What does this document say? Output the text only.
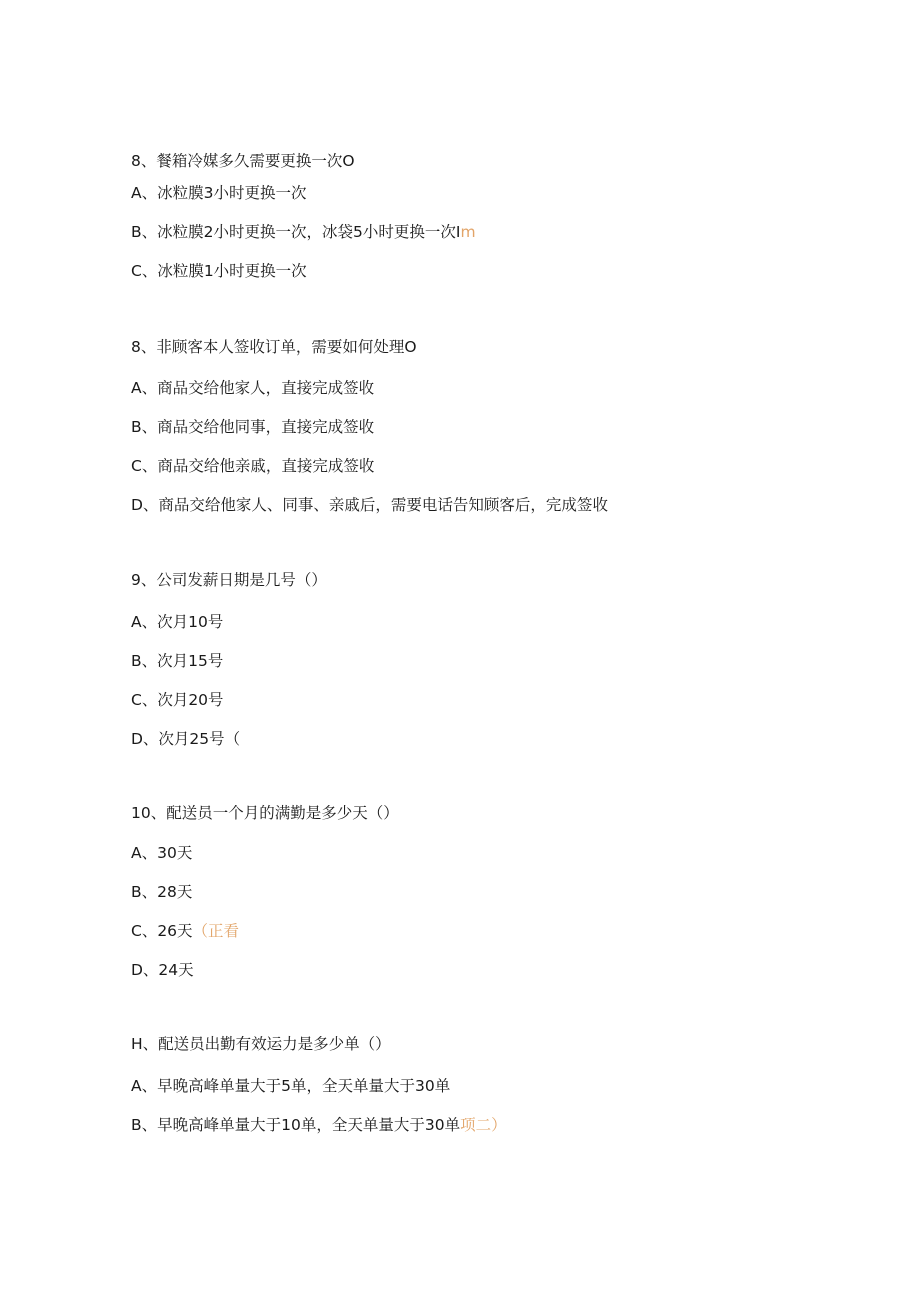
8、餐箱冷媒多久需要更换一次O
A、冰粒膜3小时更换一次
B、冰粒膜2小时更换一次，冰袋5小时更换一次Im
C、冰粒膜1小时更换一次
8、非顾客本人签收订单，需要如何处理O
A、商品交给他家人，直接完成签收
B、商品交给他同事，直接完成签收
C、商品交给他亲戚，直接完成签收
D、商品交给他家人、同事、亲戚后，需要电话告知顾客后，完成签收
9、公司发薪日期是几号（）
A、次月10号
B、次月15号
C、次月20号
D、次月25号（
10、配送员一个月的满勤是多少天（）
A、30天
B、28天
C、26天（正看
D、24天
H、配送员出勤有效运力是多少单（）
A、早晚高峰单量大于5单，全天单量大于30单
B、早晚高峰单量大于10单，全天单量大于30单项二）
